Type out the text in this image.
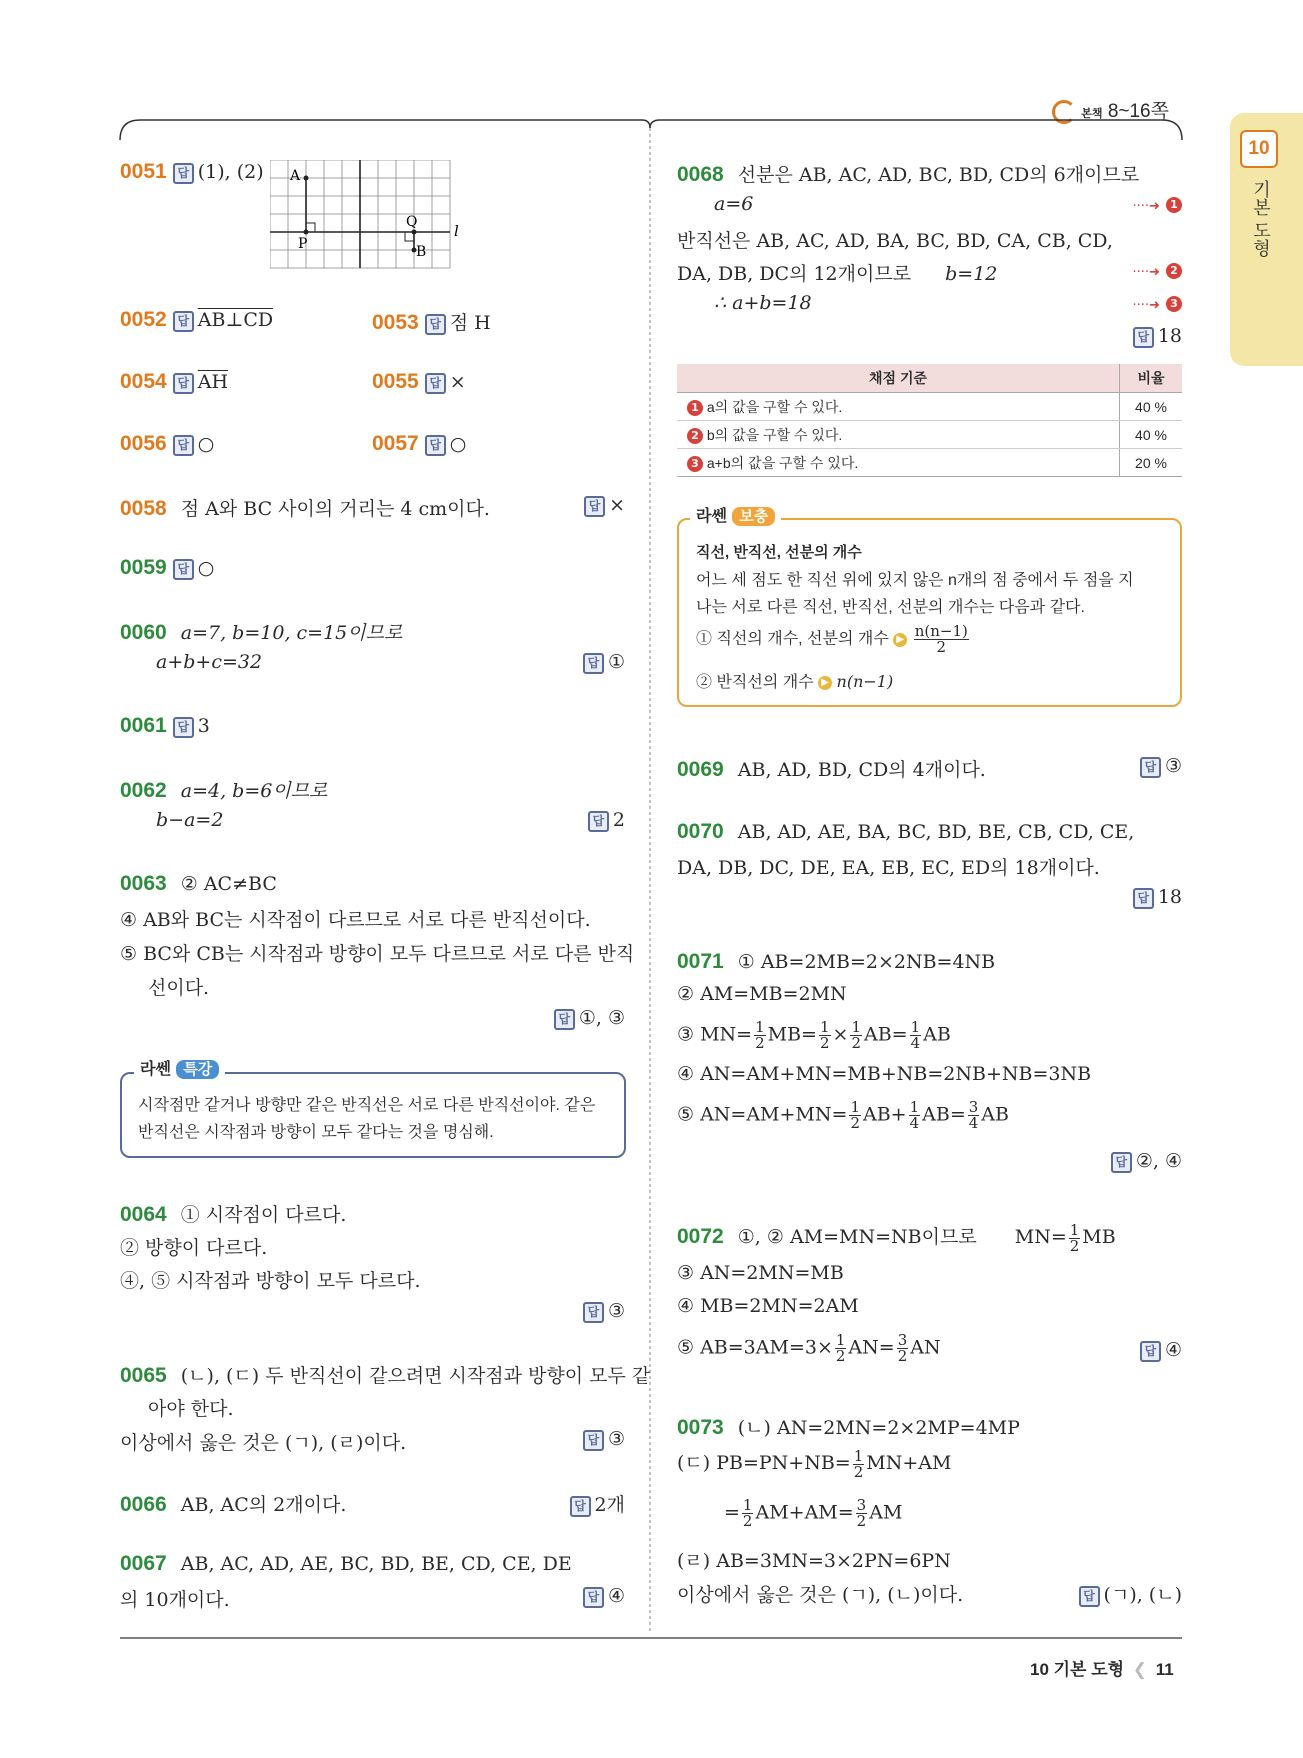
본책 8~16쪽
10
기본 도형
0051 답 (1), (2) A
P
Q
B
l
0052 답 AB⊥CD	0053 답 점 H
0054 답 $\overline{AH}$	0055 답 ×
0056 답 ○	0057 답 ○
0058 점 A와 BC 사이의 거리는 4 cm이다.	답 ×
0059 답 ○
0060 a=7, b=10, c=15이므로
a+b+c=32	답 ①
0061 답 3
0062 a=4, b=6이므로
b−a=2	답 2
0063 ② AC≠BC
④ AB와 BC는 시작점이 다르므로 서로 다른 반직선이다.
⑤ BC와 CB는 시작점과 방향이 모두 다르므로 서로 다른 반직
선이다.
답 ①, ③
라쎈 특강
시작점만 같거나 방향만 같은 반직선은 서로 다른 반직선이야. 같은
반직선은 시작점과 방향이 모두 같다는 것을 명심해.
0064 ① 시작점이 다르다.
② 방향이 다르다.
④, ⑤ 시작점과 방향이 모두 다르다.
답 ③
0065 (ㄴ), (ㄷ) 두 반직선이 같으려면 시작점과 방향이 모두 같
아야 한다.
이상에서 옳은 것은 (ㄱ), (ㄹ)이다.	답 ③
0066 AB, AC의 2개이다.	답 2개
0067 AB, AC, AD, AE, BC, BD, BE, CD, CE, DE
의 10개이다.	답 ④
0068 선분은 AB, AC, AD, BC, BD, CD의 6개이므로
a=6	····➜ 1
반직선은 AB, AC, AD, BA, BC, BD, CA, CB, CD,
DA, DB, DC의 12개이므로 b=12	····➜ 2
∴ a+b=18	····➜ 3
답 18
채점 기준	비율
1 a의 값을 구할 수 있다.	40 %
2 b의 값을 구할 수 있다.	40 %
3 a+b의 값을 구할 수 있다.	20 %
라쎈 보충
직선, 반직선, 선분의 개수
어느 세 점도 한 직선 위에 있지 않은 n개의 점 중에서 두 점을 지
나는 서로 다른 직선, 반직선, 선분의 개수는 다음과 같다.
① 직선의 개수, 선분의 개수 ▶ $\frac{n(n-1)}{2}$
② 반직선의 개수 ▶ n(n−1)
0069 AB, AD, BD, CD의 4개이다.	답 ③
0070 AB, AD, AE, BA, BC, BD, BE, CB, CD, CE,
DA, DB, DC, DE, EA, EB, EC, ED의 18개이다.
답 18
0071 ① AB=2MB=2×2NB=4NB
② AM=MB=2MN
③ $MN= \frac{1}{2} MB= \frac{1}{2} \times \frac{1}{2} AB= \frac{1}{4}$ AB
④ AN=AM+MN=MB+NB=2NB+NB=3NB
⑤ $AN=AM+MN= \frac{1}{2} AB+ \frac{1}{4} AB= \frac{3}{4}$ AB
답 ②, ④
0072 ①, ② AM=MN=NB이므로 $MN= \frac{1}{2}$ MB
③ AN=2MN=MB
④ MB=2MN=2AM
⑤ $AB=3AM=3\times \frac{1}{2} AN= \frac{3}{2}$ AN	답 ④
0073 (ㄴ) AN=2MN=2×2MP=4MP
(ㄷ) $PB=PN+NB= \frac{1}{2} MN+AM$
= $\frac{1}{2} AM+AM= \frac{3}{2}$ AM
(ㄹ) AB=3MN=3×2PN=6PN
이상에서 옳은 것은 (ㄱ), (ㄴ)이다.	답 (ㄱ), (ㄴ)
10 기본 도형 ❮ 11
